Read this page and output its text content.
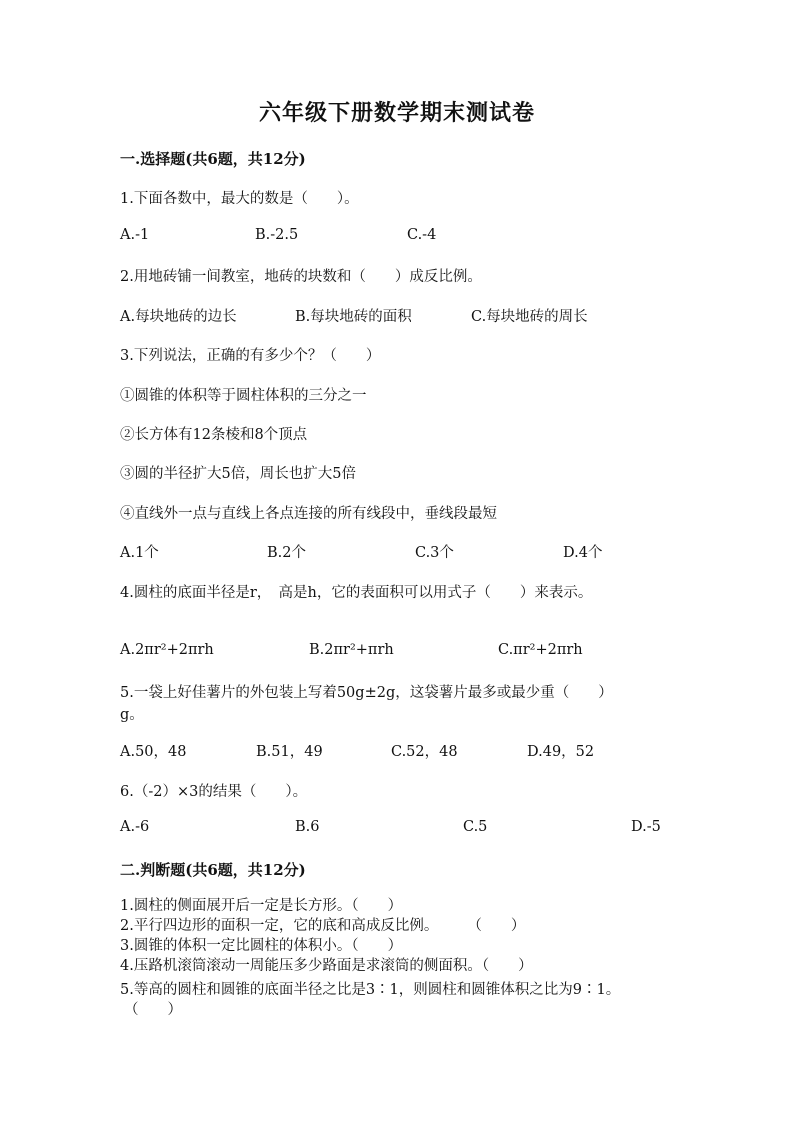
六年级下册数学期末测试卷
一.选择题(共6题，共12分)
1.下面各数中，最大的数是（　　）。
A.-1	B.-2.5	C.-4
2.用地砖铺一间教室，地砖的块数和（　　）成反比例。
A.每块地砖的边长	B.每块地砖的面积	C.每块地砖的周长
3.下列说法，正确的有多少个？（　　）
①圆锥的体积等于圆柱体积的三分之一
②长方体有12条棱和8个顶点
③圆的半径扩大5倍，周长也扩大5倍
④直线外一点与直线上各点连接的所有线段中，垂线段最短
A.1个	B.2个	C.3个	D.4个
4.圆柱的底面半径是r，　高是h，它的表面积可以用式子（　　）来表示。
A.2πr²+2πrh	B.2πr²+πrh	C.πr²+2πrh
5.一袋上好佳薯片的外包装上写着50g±2g，这袋薯片最多或最少重（　　）
g。
A.50，48	B.51，49	C.52，48	D.49，52
6.（-2）×3的结果（　　）。
A.-6	B.6	C.5	D.-5
二.判断题(共6题，共12分)
1.圆柱的侧面展开后一定是长方形。（　　）
2.平行四边形的面积一定，它的底和高成反比例。　　　（　　）
3.圆锥的体积一定比圆柱的体积小。（　　）
4.压路机滚筒滚动一周能压多少路面是求滚筒的侧面积。（　　）
5.等高的圆柱和圆锥的底面半径之比是3∶1，则圆柱和圆锥体积之比为9∶1。
（　　）
